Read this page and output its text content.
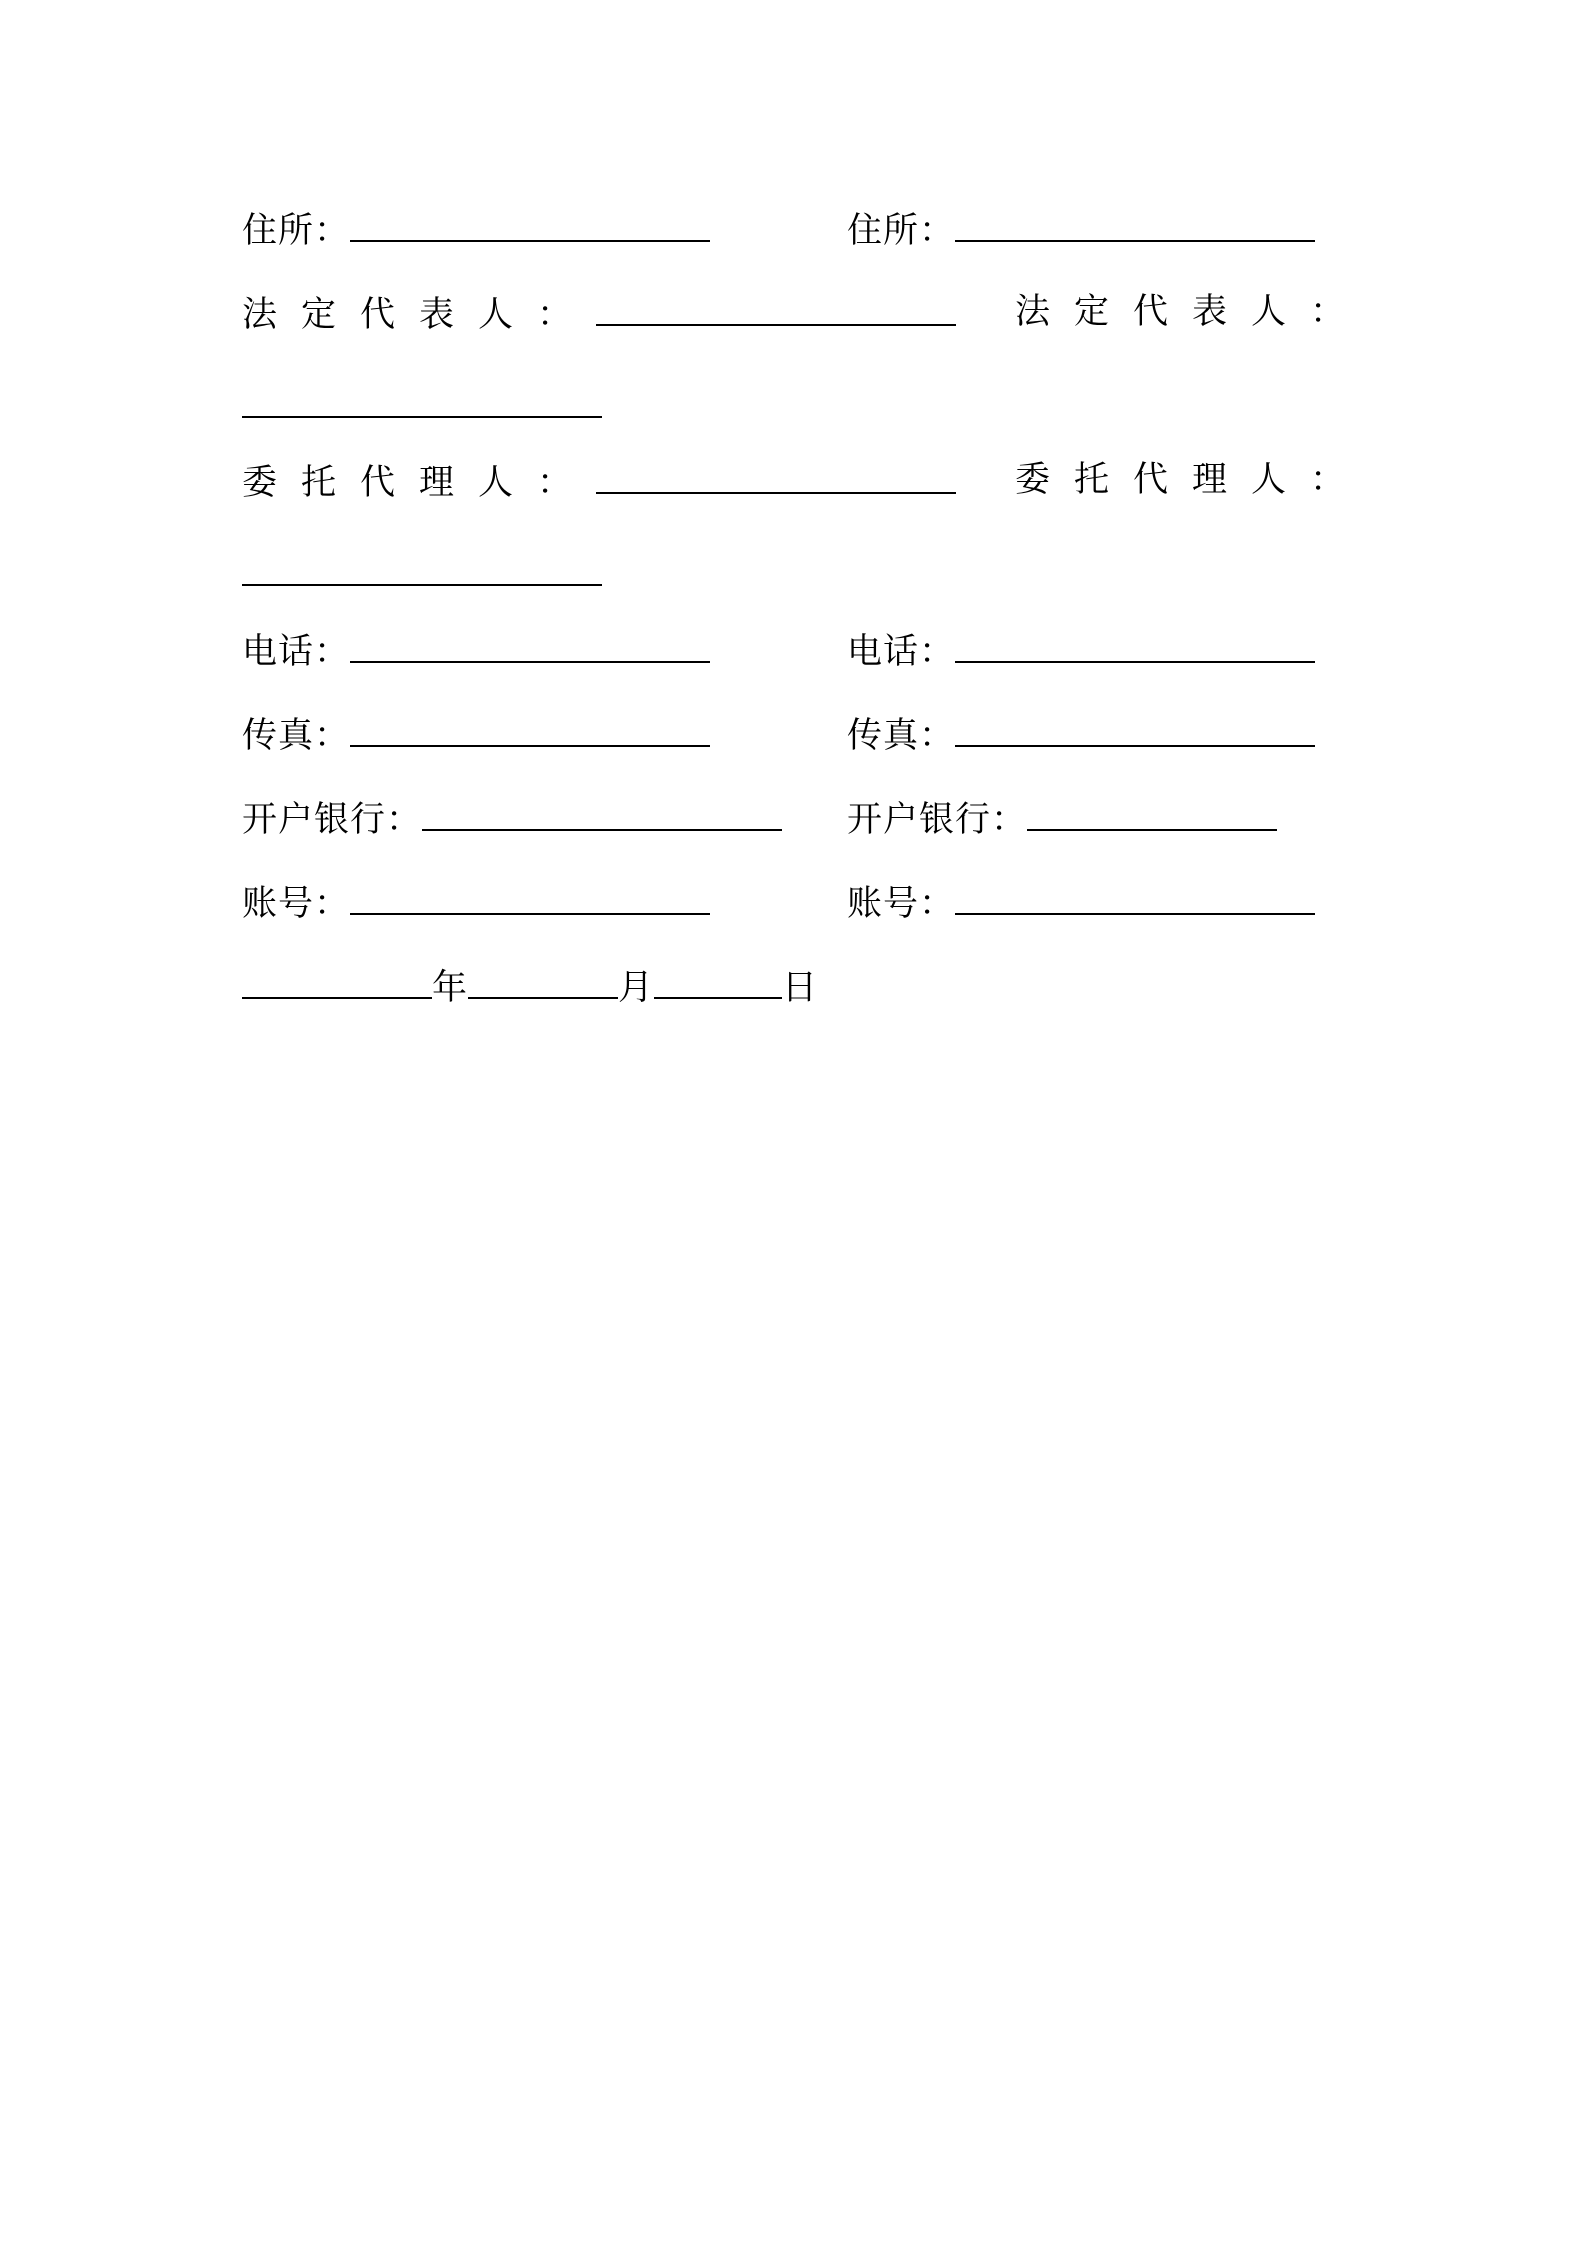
住所：	住所：
法定代表人：	法定代表人：
委托代理人：	委托代理人：
电话：	电话：
传真：	传真：
开户银行：	开户银行：
账号：	账号：
年	月	日
